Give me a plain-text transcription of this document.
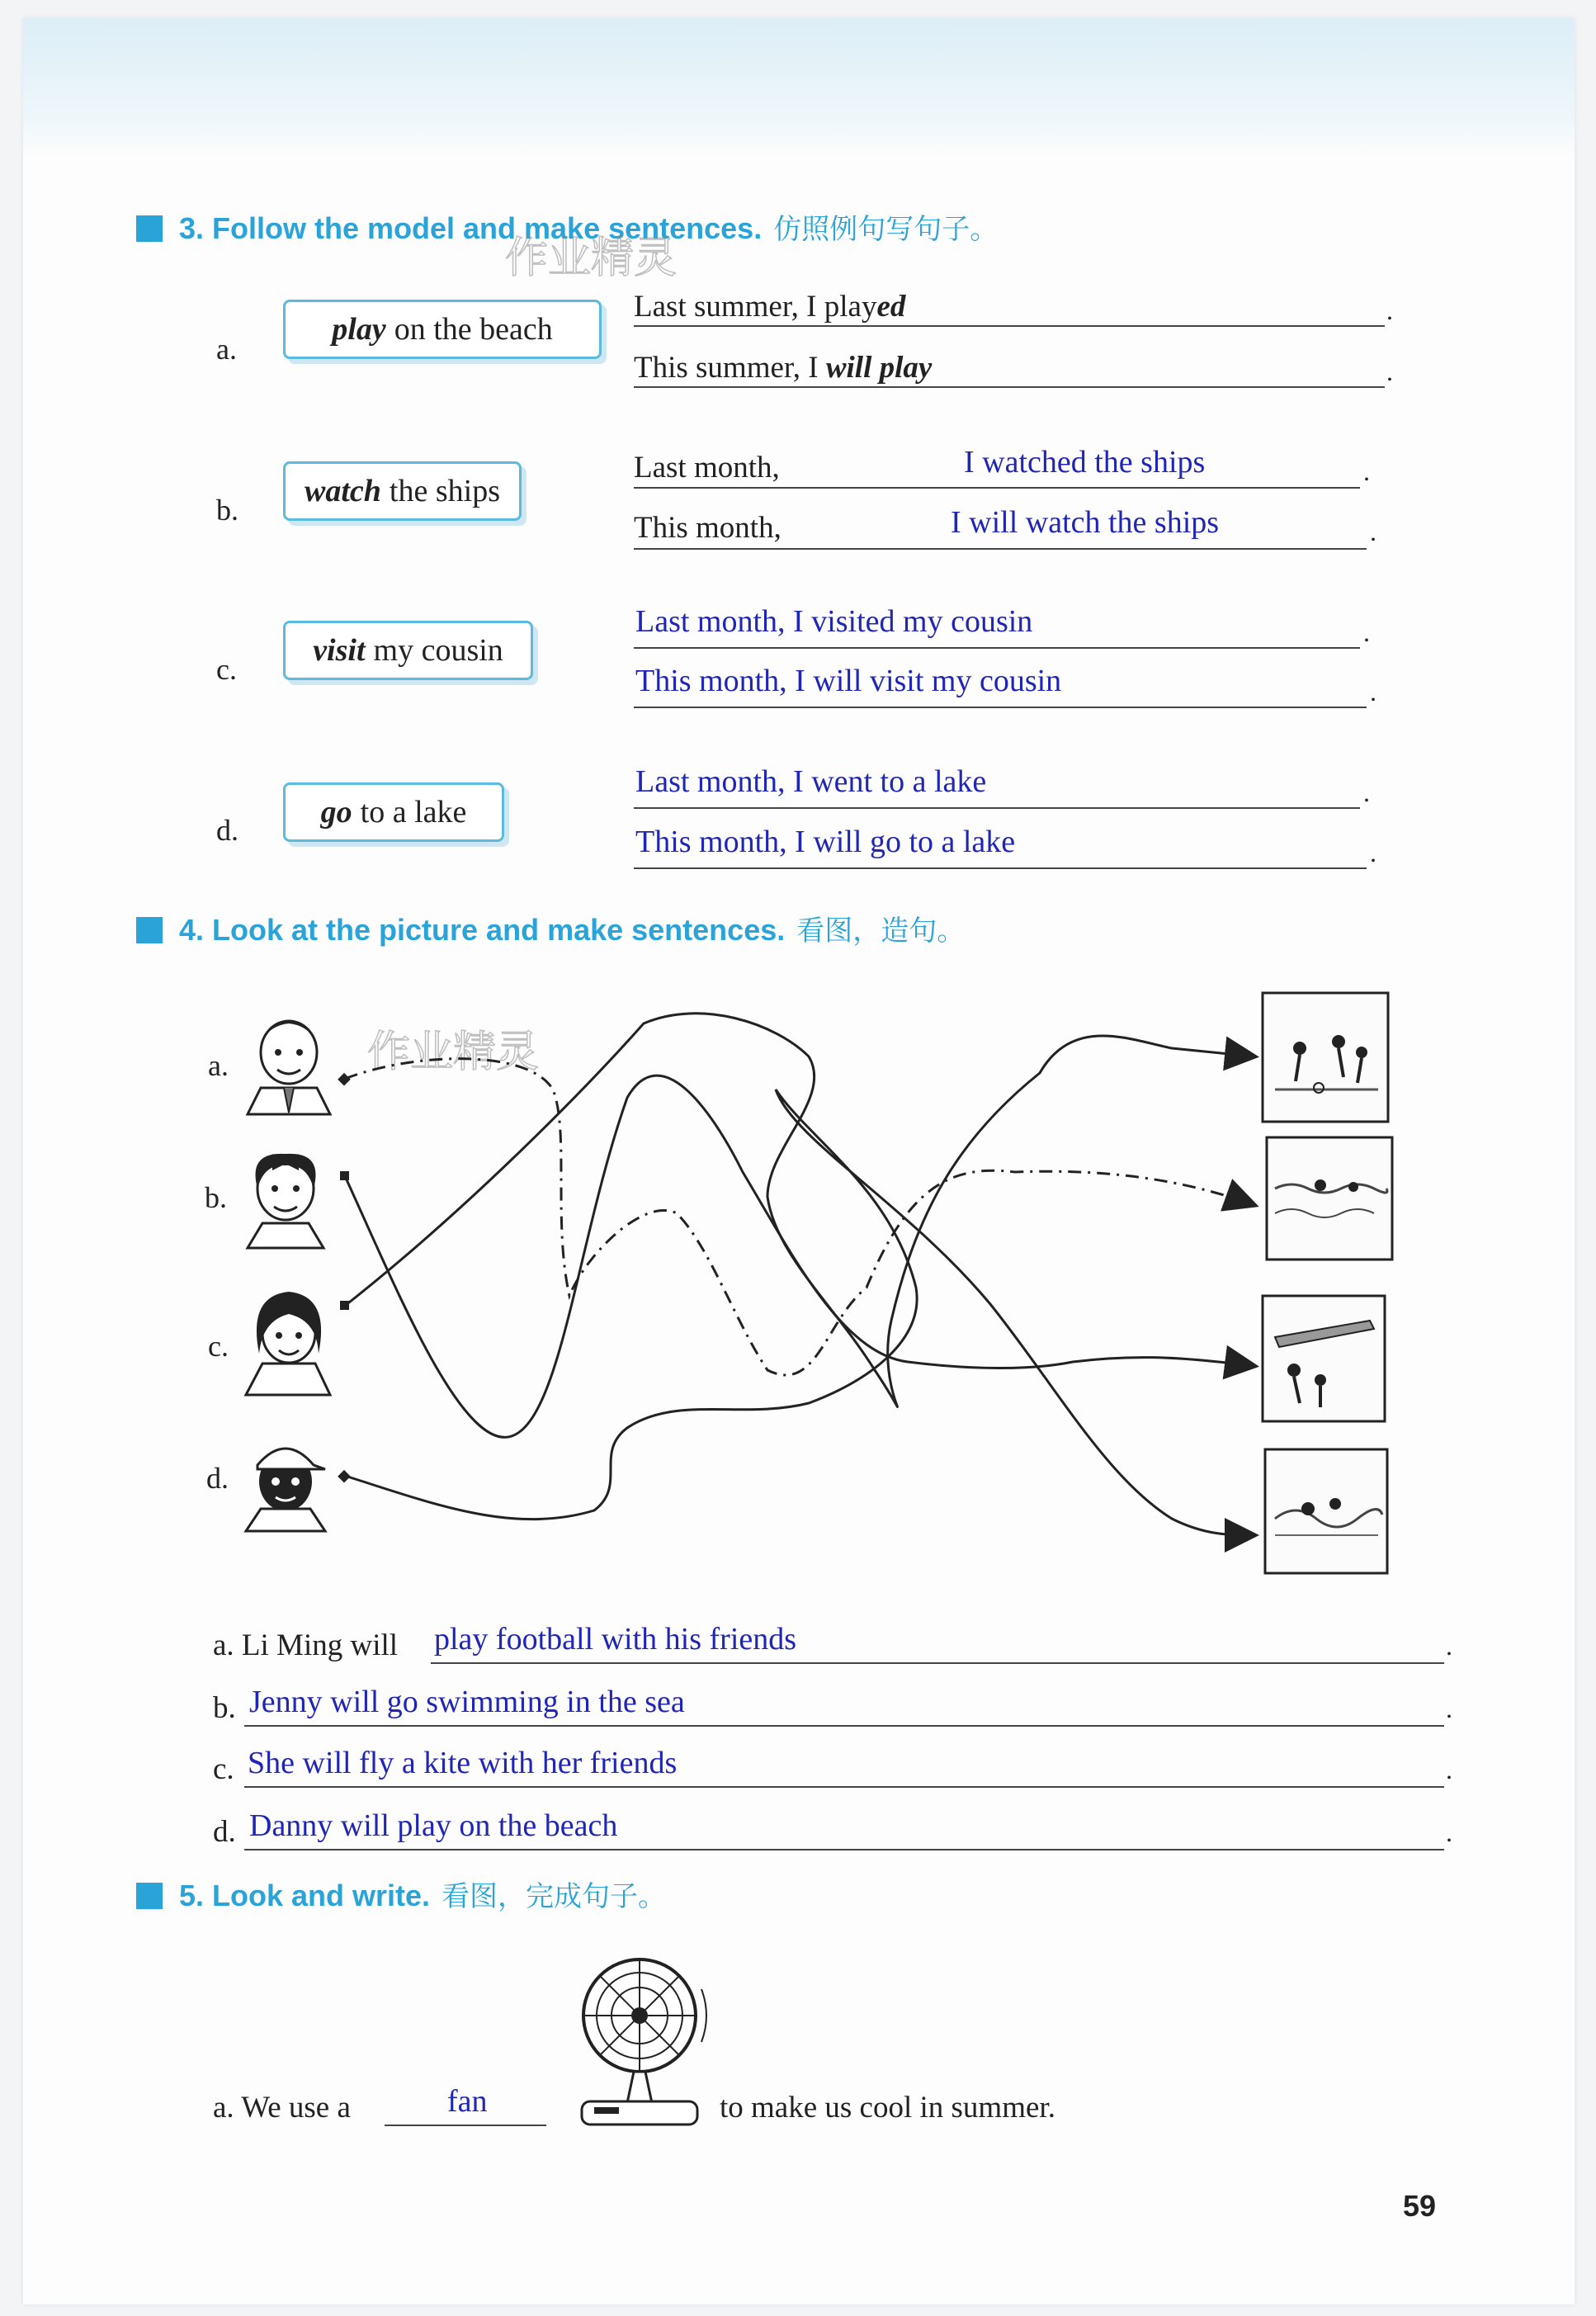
3. Follow the model and make sentences. 仿照例句写句子。
作业精灵
a.
play on the beach
Last summer, I played	.
This summer, I will play	.
b.
watch the ships
Last month,	I watched the ships	.
This month,	I will watch the ships	.
c.
visit my cousin
Last month, I visited my cousin	.
This month, I will visit my cousin	.
d.
go to a lake
Last month, I went to a lake	.
This month, I will go to a lake	.
4. Look at the picture and make sentences. 看图，造句。
作业精灵
a.
b.
c.
d.
a. Li Ming will play football with his friends	.
b. Jenny will go swimming in the sea	.
c. She will fly a kite with her friends	.
d. Danny will play on the beach	.
5. Look and write. 看图，完成句子。
a. We use a	fan	to make us cool in summer.
59
